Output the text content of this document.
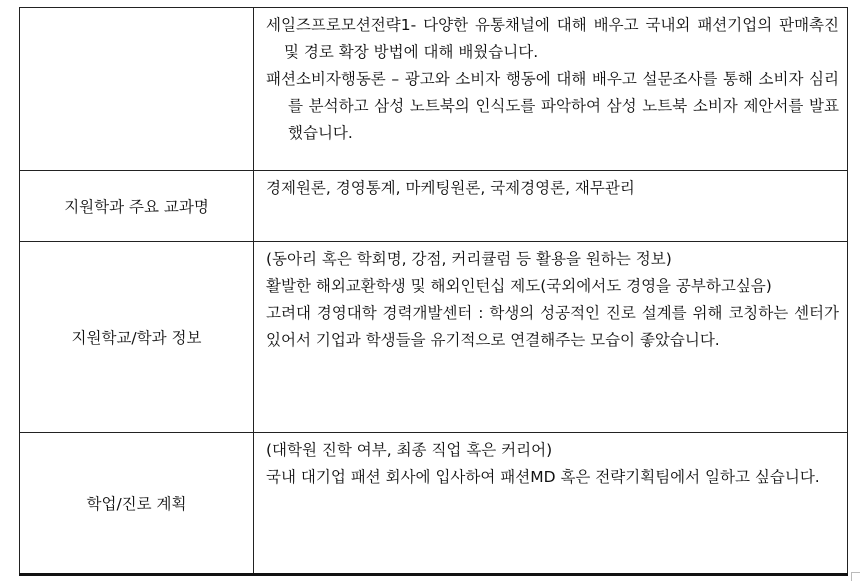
	세일즈프로모션전략1- 다양한 유통채널에 대해 배우고 국내외 패션기업의 판매촉진 및 경로 확장 방법에 대해 배웠습니다.

패션소비자행동론 – 광고와 소비자 행동에 대해 배우고 설문조사를 통해 소비자 심리를 분석하고 삼성 노트북의 인식도를 파악하여 삼성 노트북 소비자 제안서를 발표했습니다.

지원학과 주요 교과명	경제원론, 경영통계, 마케팅원론, 국제경영론, 재무관리

지원학교/학과 정보	(동아리 혹은 학회명, 강점, 커리큘럼 등 활용을 원하는 정보)

활발한 해외교환학생 및 해외인턴십 제도(국외에서도 경영을 공부하고싶음)

고려대 경영대학 경력개발센터 : 학생의 성공적인 진로 설계를 위해 코칭하는 센터가 있어서 기업과 학생들을 유기적으로 연결해주는 모습이 좋았습니다.

학업/진로 계획	(대학원 진학 여부, 최종 직업 혹은 커리어)

국내 대기업 패션 회사에 입사하여 패션MD 혹은 전략기획팀에서 일하고 싶습니다.
